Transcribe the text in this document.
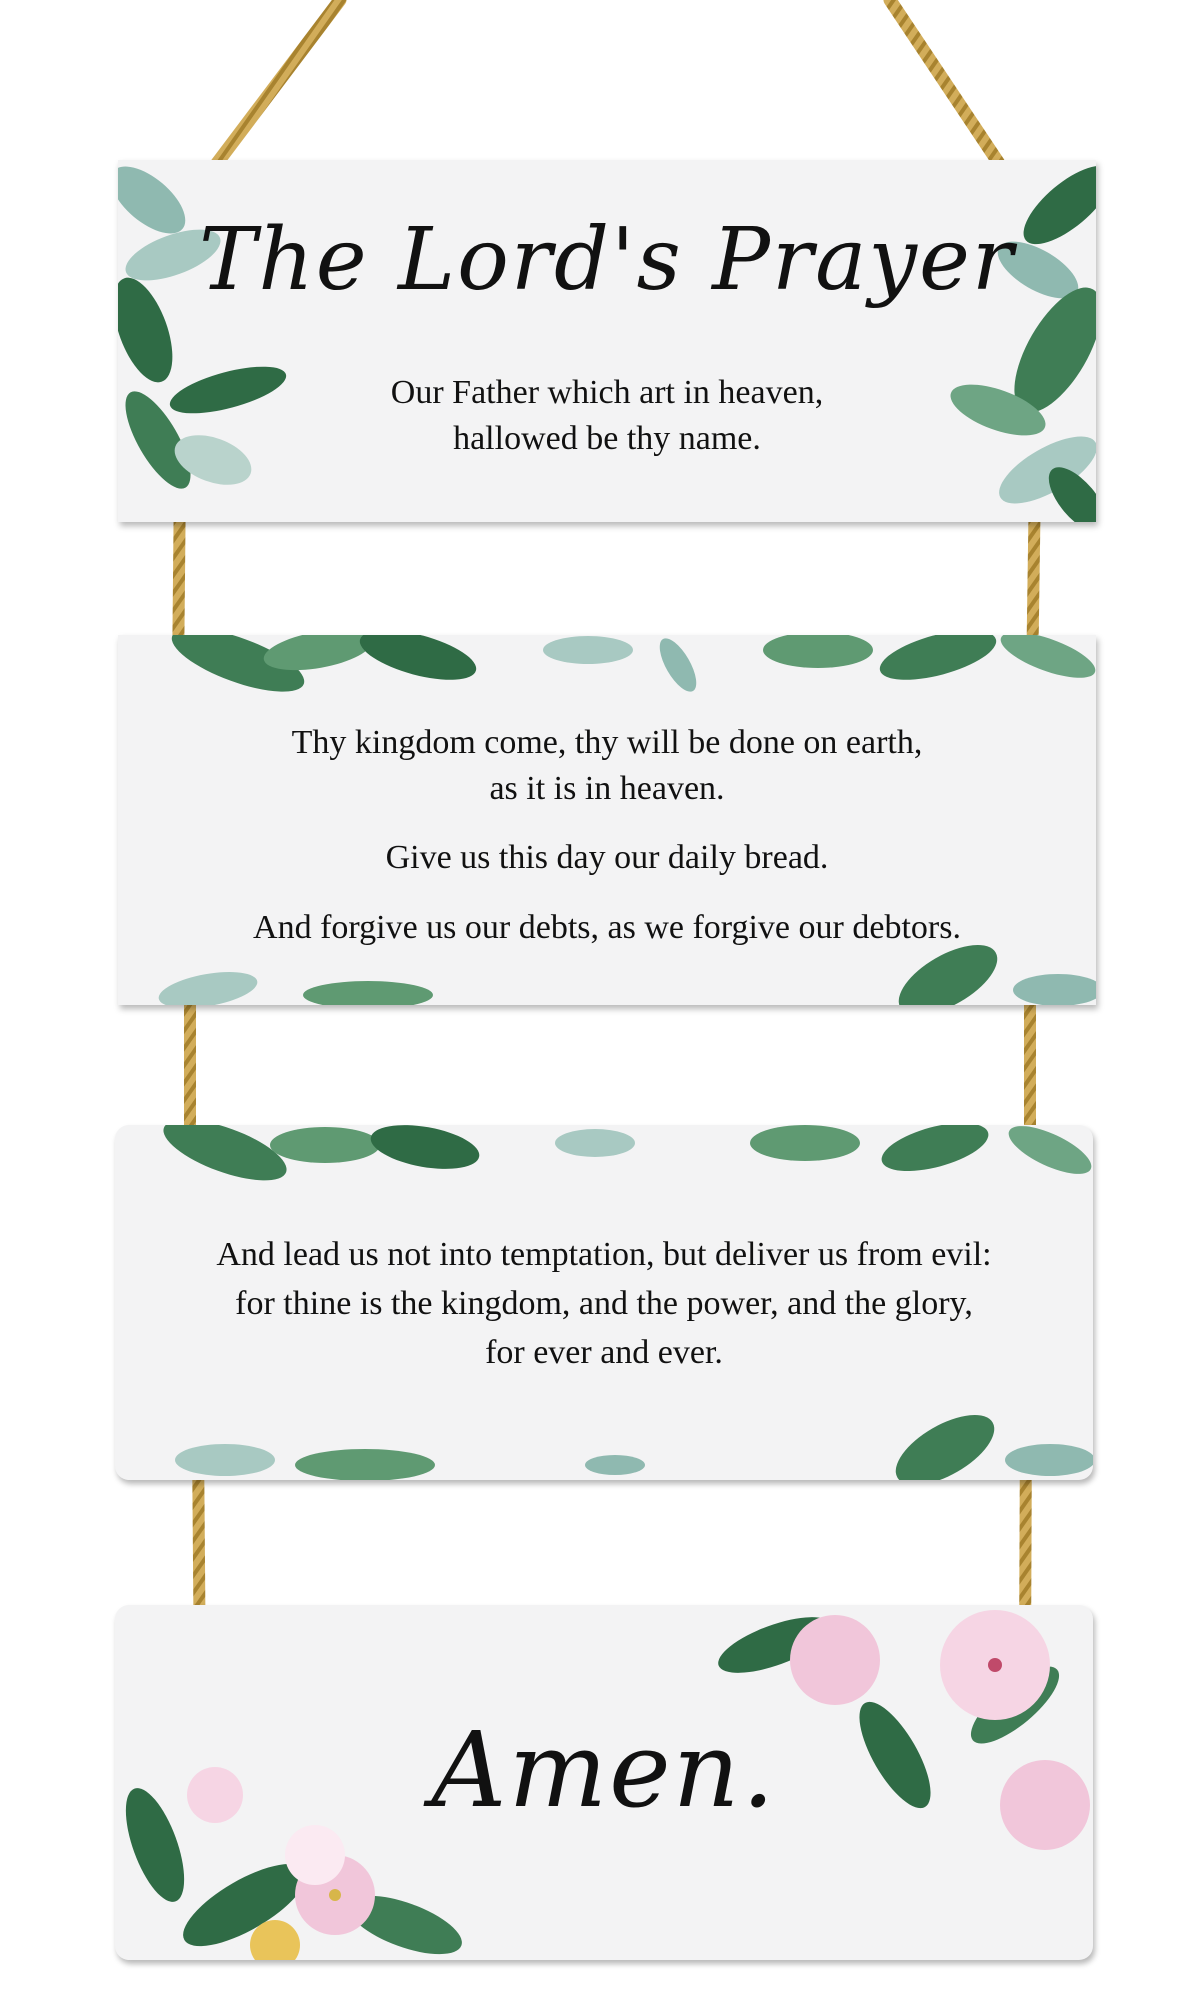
The Lord's Prayer
Our Father which art in heaven,
hallowed be thy name.
Thy kingdom come, thy will be done on earth,
as it is in heaven.
Give us this day our daily bread.
And forgive us our debts, as we forgive our debtors.
And lead us not into temptation, but deliver us from evil:
for thine is the kingdom, and the power, and the glory,
for ever and ever.
Amen.
